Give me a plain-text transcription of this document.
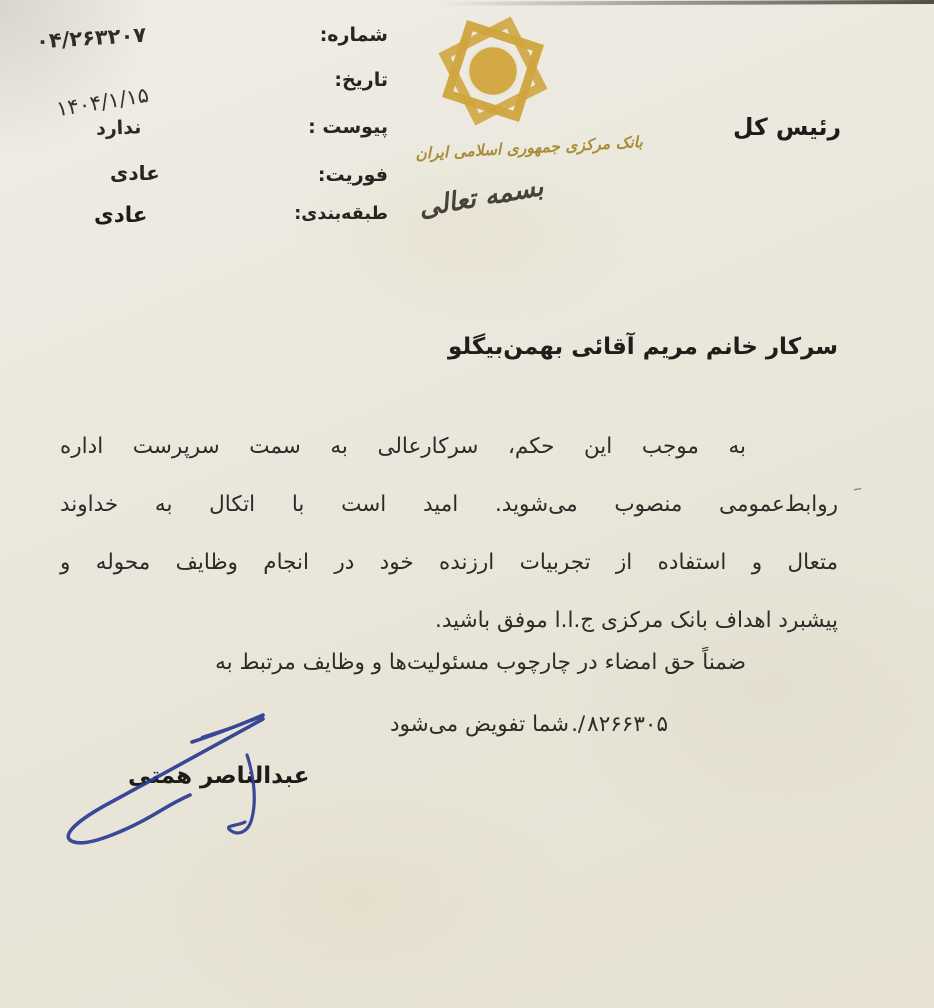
۰۴/۲۶۳۲۰۷	شماره:
تاریخ:
پیوست :
فوریت:
طبقه‌بندی:
۱۴۰۴/۱/۱۵
ندارد
عادی
عادی
بانک مرکزی جمهوری اسلامی ایران
بسمه تعالی
رئیس کل
سرکار خانم مریم آقائی بهمن‌بیگلو
به موجب این حکم، سرکارعالی به سمت سرپرست اداره
روابط‌عمومی منصوب می‌شوید. امید است با اتکال به خداوند
متعال و استفاده از تجربیات ارزنده خود در انجام وظایف محوله و
پیشبرد اهداف بانک مرکزی ج.ا.ا موفق باشید.
ضمناً حق امضاء در چارچوب مسئولیت‌ها و وظایف مرتبط به
شما تفویض می‌شود ./ ۸۲۶۶۳۰۵
عبدالناصر همتی
–
